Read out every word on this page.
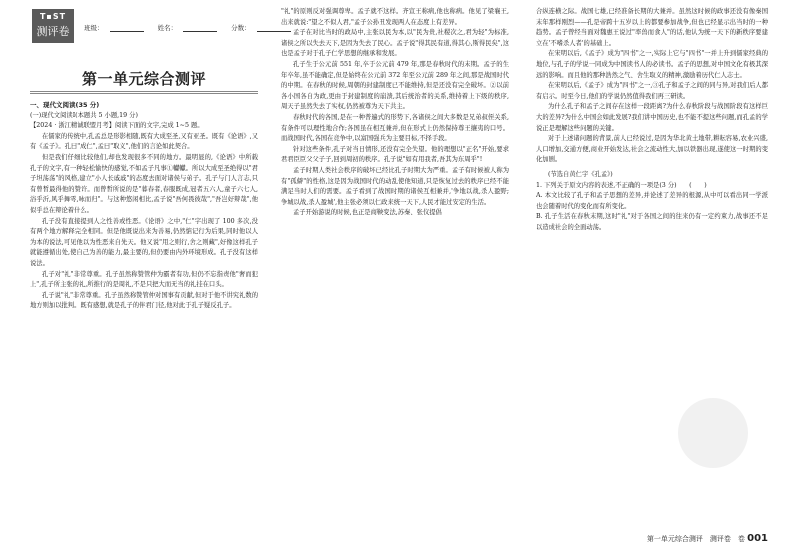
T▪ST
测评卷	班级：	姓名：	分数：
第一单元综合测评

一、现代文阅读(35 分)

(一)现代文阅读Ⅰ(本题共 5 小题,19 分)

【2024 · 浙江精诚联盟月考】阅读下面的文字,完成 1~5 题。

在儒家的传统中,孔孟总是形影相随,既有大成至圣,又有亚圣。既有《论语》,又有《孟子》。孔曰"成仁",孟曰"取义",他们的言论如此契合。

但是我们仔细比较他们,却也发现很多不同的地方。最明显的,《论语》中所载孔子的文字,有一种轻松愉快的感觉,不如孟子凡事①䡾䡾。所以大成至圣绝得以"君子坦荡荡"的风格,建立"小人长戚戚"的态度去面对诸侯与弟子。孔子与门人言志,只有曾皙最得他的赞许。而曾皙所说的是"暮春者,春服既成,冠者五六人,童子六七人,浴乎沂,风乎舞雩,咏而归"。与这种悠闲相比,孟子说"吾何畏彼哉","吾岂好辩哉",他似乎总在辩论着什么。

孔子没有直接提到人之性善或性恶。《论语》之中,"仁"字出现了 100 多次,没有两个地方解释完全相同。但是他既说出来为善易,仍然惦记行为后果,同时他以人为本的说法,可见他以为性恶来自先天。他又说"用之则行,舍之则藏",好像这样孔子就能遵循出处,使自己为善的能力,最主要的,但仍要由内外环境形成。孔子没有这样说法。

孔子对"礼"非常尊重。孔子虽然称赞管仲为霸者有功,但仍不忘指责他"奢而犯上",孔子所主张的礼,所推行的是周礼,不是只把大而无当的礼挂在口头。

孔子说"礼"非常尊重。孔子虽然称赞管仲对国事有贡献,但对于他不讲究礼数的地方则加以批判。既有感想,就是孔子的伴君门径,他对此于孔子疑反孔子。

"礼"的原则反对强调尊卑。孟子就不这样。齐宣王称病,他也称病。他见了梁襄王,出来就说:"望之不似人君,"孟子公孙丑发现两人在态度上有差异。

孟子在对比当时的政局中,主张以民为本,以"民为贵,社稷次之,君为轻"为标准,诸侯之所以失去天下,是因为失去了民心。孟子说"得其民有道,得其心,斯得民矣",这也是孟子对于孔子仁学思想的继承和发展。

孔子生于公元前 551 年,卒于公元前 479 年,那是春秋时代的末期。孟子的生年卒年,虽不能确定,但是始终在公元前 372 年至公元前 289 年之间,那是战国时代的中期。在春秋的时候,周朝的封建制度已不能维持,但是还没有完全破坏。②以前各小国各自为政,更由于封建制度的崩溃,其后统治者的关系,维持着上下级的秩序,周天子虽然失去了实权,仍然被尊为天下共主。

春秋时代的各国,是在一种普遍式的形势下,各诸侯之间大多数是兄弟叔侄关系,有条件可以理性地合作;各国虽在相互兼并,但在形式上仍然保持尊王攘夷的口号。而战国时代,各国在竞争中,以富国强兵为主要目标,不择手段。

针对这些条件,孔子对当日情形,还没有完全失望。他的理想以"正名"开始,要求君君臣臣父父子子,回到周初的秩序。孔子说"如有用我者,吾其为东周乎"!

孟子时期人类社会秩序的破坏已经比孔子时期大为严重。孟子有时候被人称为有"孤僻"的性格,这是因为战国时代的动乱使他知道,只是恢复过去的秩序已经不能满足当时人们的需要。孟子看到了战国时期的诸侯互相兼并,'争地以战,杀人盈野;争城以战,杀人盈城',他主张必须以仁政来统一天下,人民才能过安定的生活。

孟子开始游说的时候,也正是商鞅变法,苏秦、张仪提倡

合纵连横之际。战国七雄,已经准备长期的大兼并。虽然这时候的政事还没有像秦国末年那样刚烈——孔是帝跨十五岁以上的都要参加战争,但也已经显示出当时的一种趋势。孟子曾经当面对魏惠王说过"率兽而食人"的话,他认为统一天下的新秩序要建立在'不嗜杀人者'的基础上。

在宋明以后,《孟子》成为"四书"之一,实际上它与"四书"一并上升到儒家经典的地位,与孔子的学说一同成为中国读书人的必读书。孟子的思想,对中国文化有极其深远的影响。而且他的那种浩然之气、舍生取义的精神,激励着历代仁人志士。

在宋明以后,《孟子》成为"四书"之一,③孔子和孟子之间的同与异,对我们后人都有启示。时至今日,他们的学说仍然值得我们再三研读。

为什么孔子和孟子之间存在这样一段距离?为什么春秋阶段与战国阶段有这样巨大的差异?为什么中国会如此发展?我们讲中国历史,也不能不提这些问题,而孔孟的学说正是理解这些问题的关键。

对于上述诸问题的背景,前人已经说过,是因为华北黄土地带,耕耘容易,农业兴盛,人口增加,交通方便,商业开始发达,社会之流动性大,加以铁器出现,遂使这一时期的变化加剧。

(节选自黄仁宇《孔孟》)

1. 下列关于原文内容的表述,不正确的一项是(3 分)　　(　　)

A. 本文比较了孔子和孟子思想的差异,并论述了差异的根源,从中可以看出同一学派也会随着时代的变化而有所变化。

B. 孔子生活在春秋末期,这时"礼"对于各国之间的往来仍有一定约束力,战事还不足以造成社会的全面动荡。

第一单元综合测评　测评卷　卷 001
